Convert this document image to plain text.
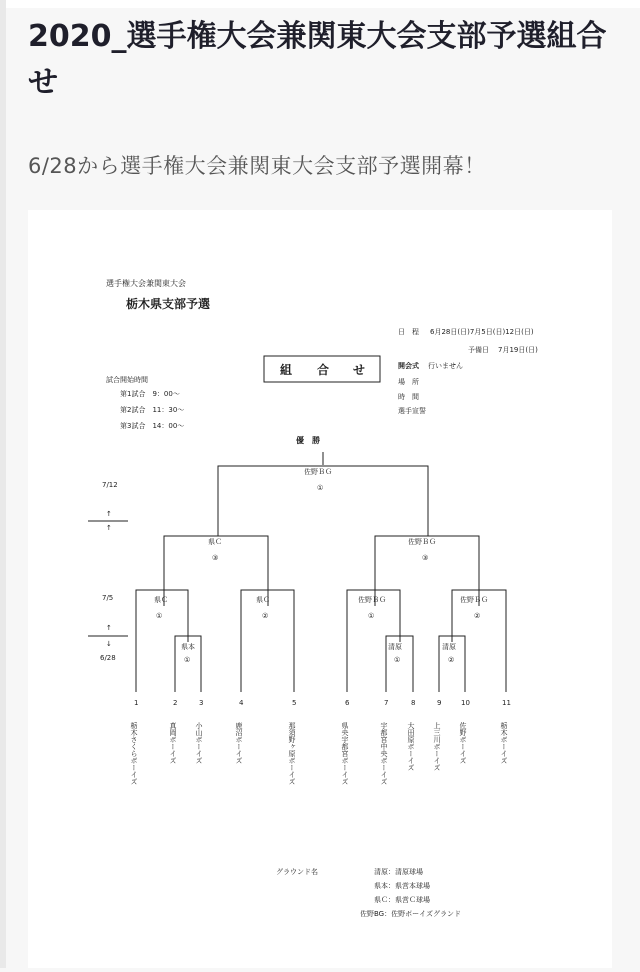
2020_選手権大会兼関東大会支部予選組合せ

6/28から選手権大会兼関東大会支部予選開幕！

選手権大会兼関東大会
栃木県支部予選
日　程 6月28日(日)7月5日(日)12日(日)
予備日 7月19日(日)
開会式 行いません
場　所
時　間
選手宣誓
組 合 せ
試合開始時間
第1試合　9：00～
第2試合　11：30～
第3試合　14：00～
優　勝
佐野ＢＧ
①
7/12
↑
↑
7/5
↑
↓
6/28
県Ｃ
③
佐野ＢＧ
③
県Ｃ
①
県Ｃ
②
佐野ＢＧ
①
佐野ＢＧ
②
県本
①
清原
①
清原
②
1
栃木さくらボーイズ
2
真岡ボーイズ
3
小山ボーイズ
4
鹿沼ボーイズ
5
那須野ヶ原ボーイズ
6
県央宇都宮ボーイズ
7
宇都宮中央ボーイズ
8
大田原ボーイズ
9
上三川ボーイズ
10
佐野ボーイズ
11
栃木ボーイズ
グラウンド名	清原：清原球場
県本：県営本球場
県Ｃ：県営Ｃ球場
佐野BG：佐野ボーイズグランド
